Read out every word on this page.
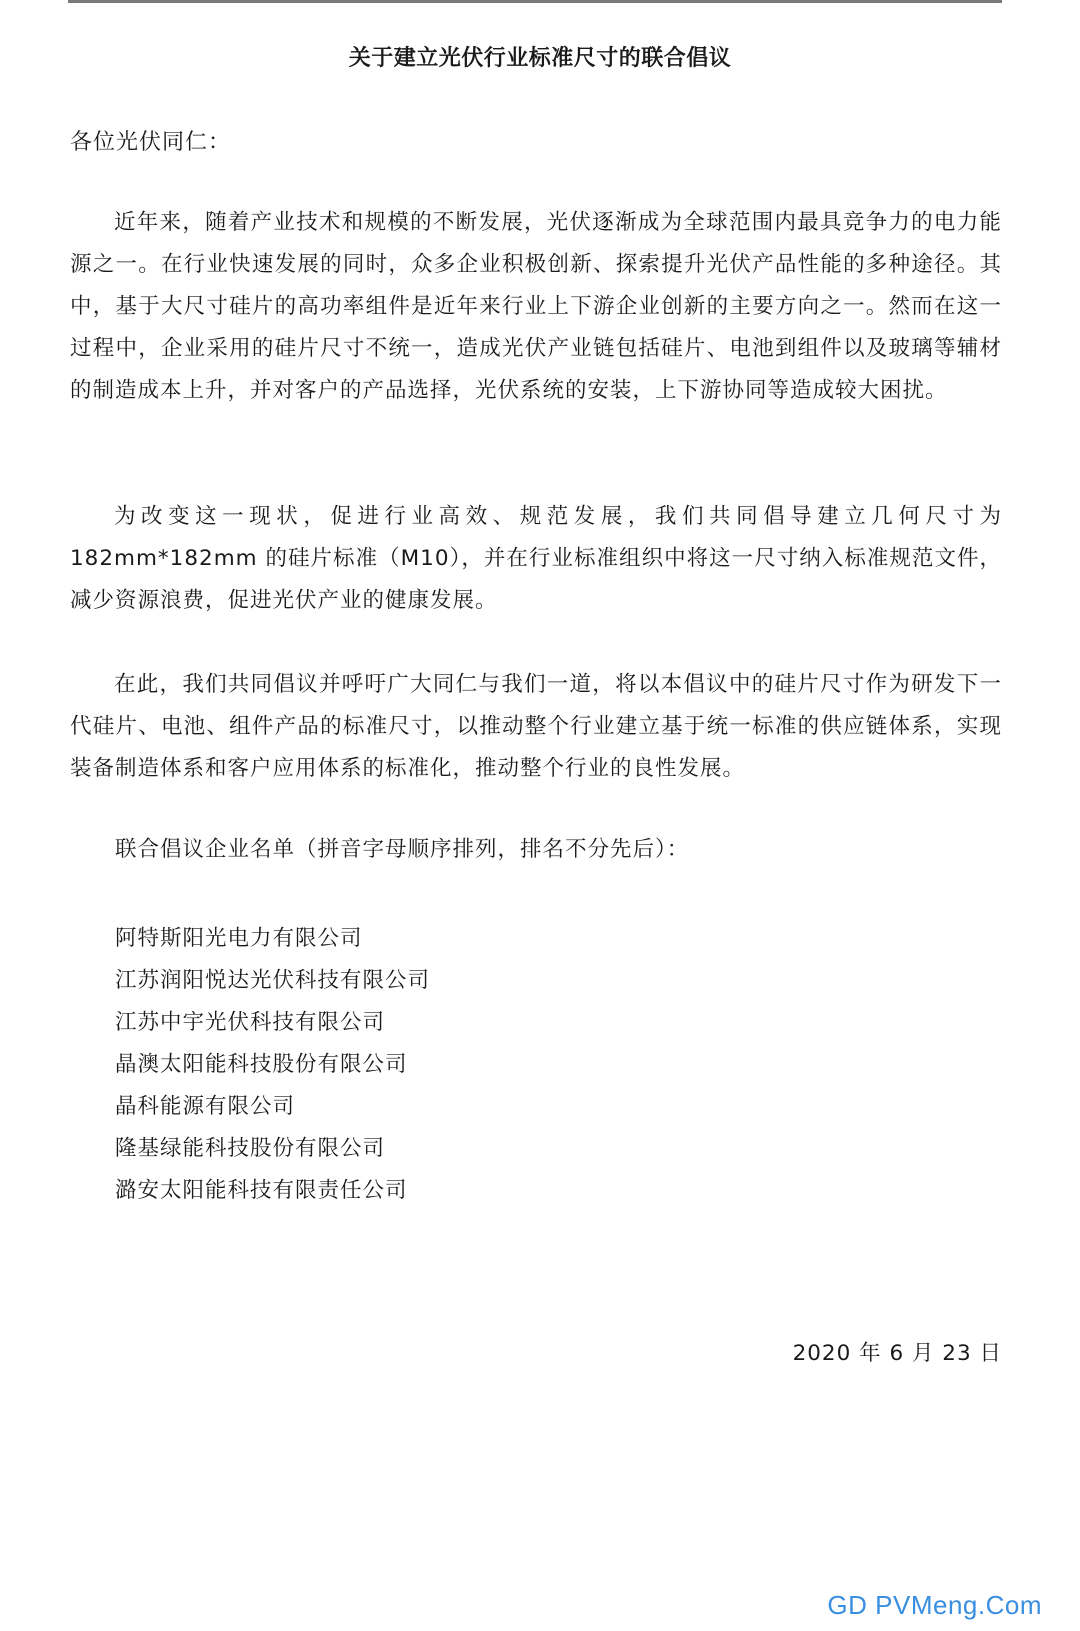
关于建立光伏行业标准尺寸的联合倡议
各位光伏同仁：

近年来，随着产业技术和规模的不断发展，光伏逐渐成为全球范围内最具竞争力的电力能源之一。在行业快速发展的同时，众多企业积极创新、探索提升光伏产品性能的多种途径。其中，基于大尺寸硅片的高功率组件是近年来行业上下游企业创新的主要方向之一。然而在这一过程中，企业采用的硅片尺寸不统一，造成光伏产业链包括硅片、电池到组件以及玻璃等辅材的制造成本上升，并对客户的产品选择，光伏系统的安装，上下游协同等造成较大困扰。

为改变这一现状，促进行业高效、规范发展，我们共同倡导建立几何尺寸为182mm*182mm 的硅片标准（M10），并在行业标准组织中将这一尺寸纳入标准规范文件，减少资源浪费，促进光伏产业的健康发展。

在此，我们共同倡议并呼吁广大同仁与我们一道，将以本倡议中的硅片尺寸作为研发下一代硅片、电池、组件产品的标准尺寸，以推动整个行业建立基于统一标准的供应链体系，实现装备制造体系和客户应用体系的标准化，推动整个行业的良性发展。

联合倡议企业名单（拼音字母顺序排列，排名不分先后）：
阿特斯阳光电力有限公司
江苏润阳悦达光伏科技有限公司
江苏中宇光伏科技有限公司
晶澳太阳能科技股份有限公司
晶科能源有限公司
隆基绿能科技股份有限公司
潞安太阳能科技有限责任公司
2020 年 6 月 23 日
GD PVMeng.Com
